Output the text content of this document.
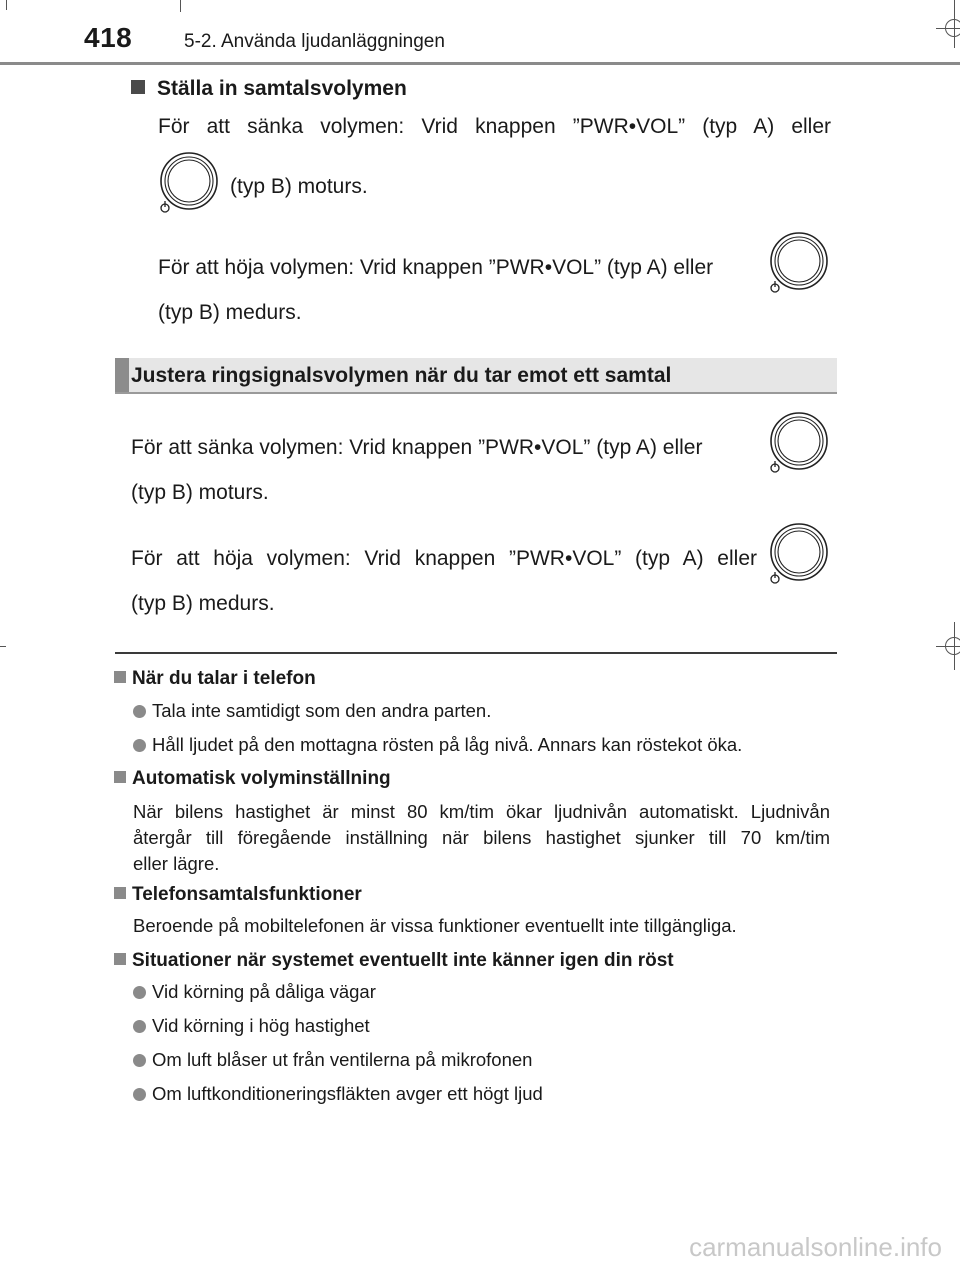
418	5-2. Använda ljudanläggningen
Ställa in samtalsvolymen
För att sänka volymen: Vrid knappen ”PWR•VOL” (typ A) eller
(typ B) moturs.
För att höja volymen: Vrid knappen ”PWR•VOL” (typ A) eller
(typ B) medurs.
Justera ringsignalsvolymen när du tar emot ett samtal
För att sänka volymen: Vrid knappen ”PWR•VOL” (typ A) eller
(typ B) moturs.
För att höja volymen: Vrid knappen ”PWR•VOL” (typ A) eller
(typ B) medurs.
När du talar i telefon
Tala inte samtidigt som den andra parten.
Håll ljudet på den mottagna rösten på låg nivå. Annars kan röstekot öka.
Automatisk volyminställning
När bilens hastighet är minst 80 km/tim ökar ljudnivån automatiskt. Ljudnivån
återgår till föregående inställning när bilens hastighet sjunker till 70 km/tim
eller lägre.
Telefonsamtalsfunktioner
Beroende på mobiltelefonen är vissa funktioner eventuellt inte tillgängliga.
Situationer när systemet eventuellt inte känner igen din röst
Vid körning på dåliga vägar
Vid körning i hög hastighet
Om luft blåser ut från ventilerna på mikrofonen
Om luftkonditioneringsfläkten avger ett högt ljud
carmanualsonline.info
